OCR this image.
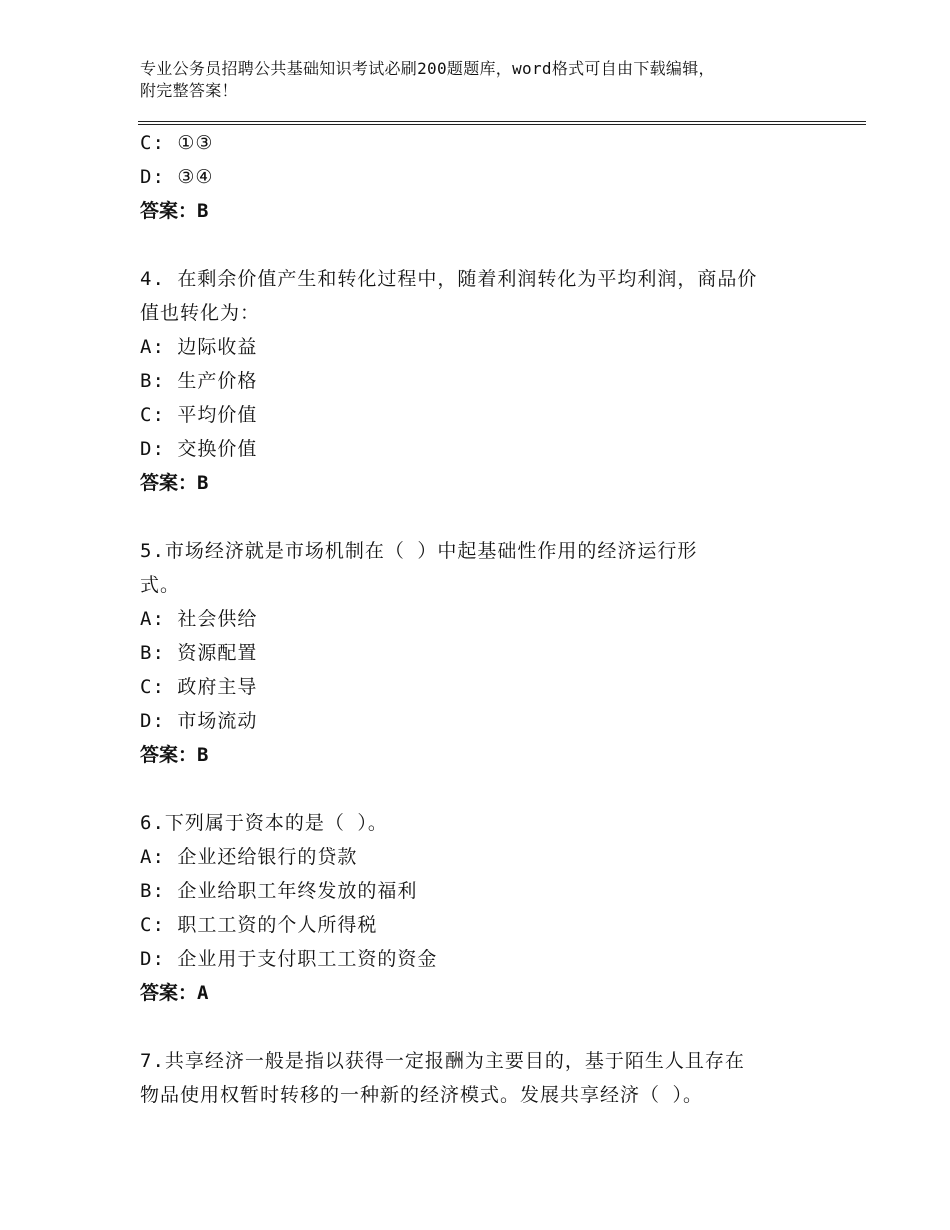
专业公务员招聘公共基础知识考试必刷200题题库，word格式可自由下载编辑，
附完整答案！
C: ①③
D: ③④
答案：B
4. 在剩余价值产生和转化过程中，随着利润转化为平均利润，商品价
值也转化为：
A: 边际收益
B: 生产价格
C: 平均价值
D: 交换价值
答案：B
5.市场经济就是市场机制在（ ）中起基础性作用的经济运行形
式。
A: 社会供给
B: 资源配置
C: 政府主导
D: 市场流动
答案：B
6.下列属于资本的是（ ）。
A: 企业还给银行的贷款
B: 企业给职工年终发放的福利
C: 职工工资的个人所得税
D: 企业用于支付职工工资的资金
答案：A
7.共享经济一般是指以获得一定报酬为主要目的，基于陌生人且存在
物品使用权暂时转移的一种新的经济模式。发展共享经济（ ）。
